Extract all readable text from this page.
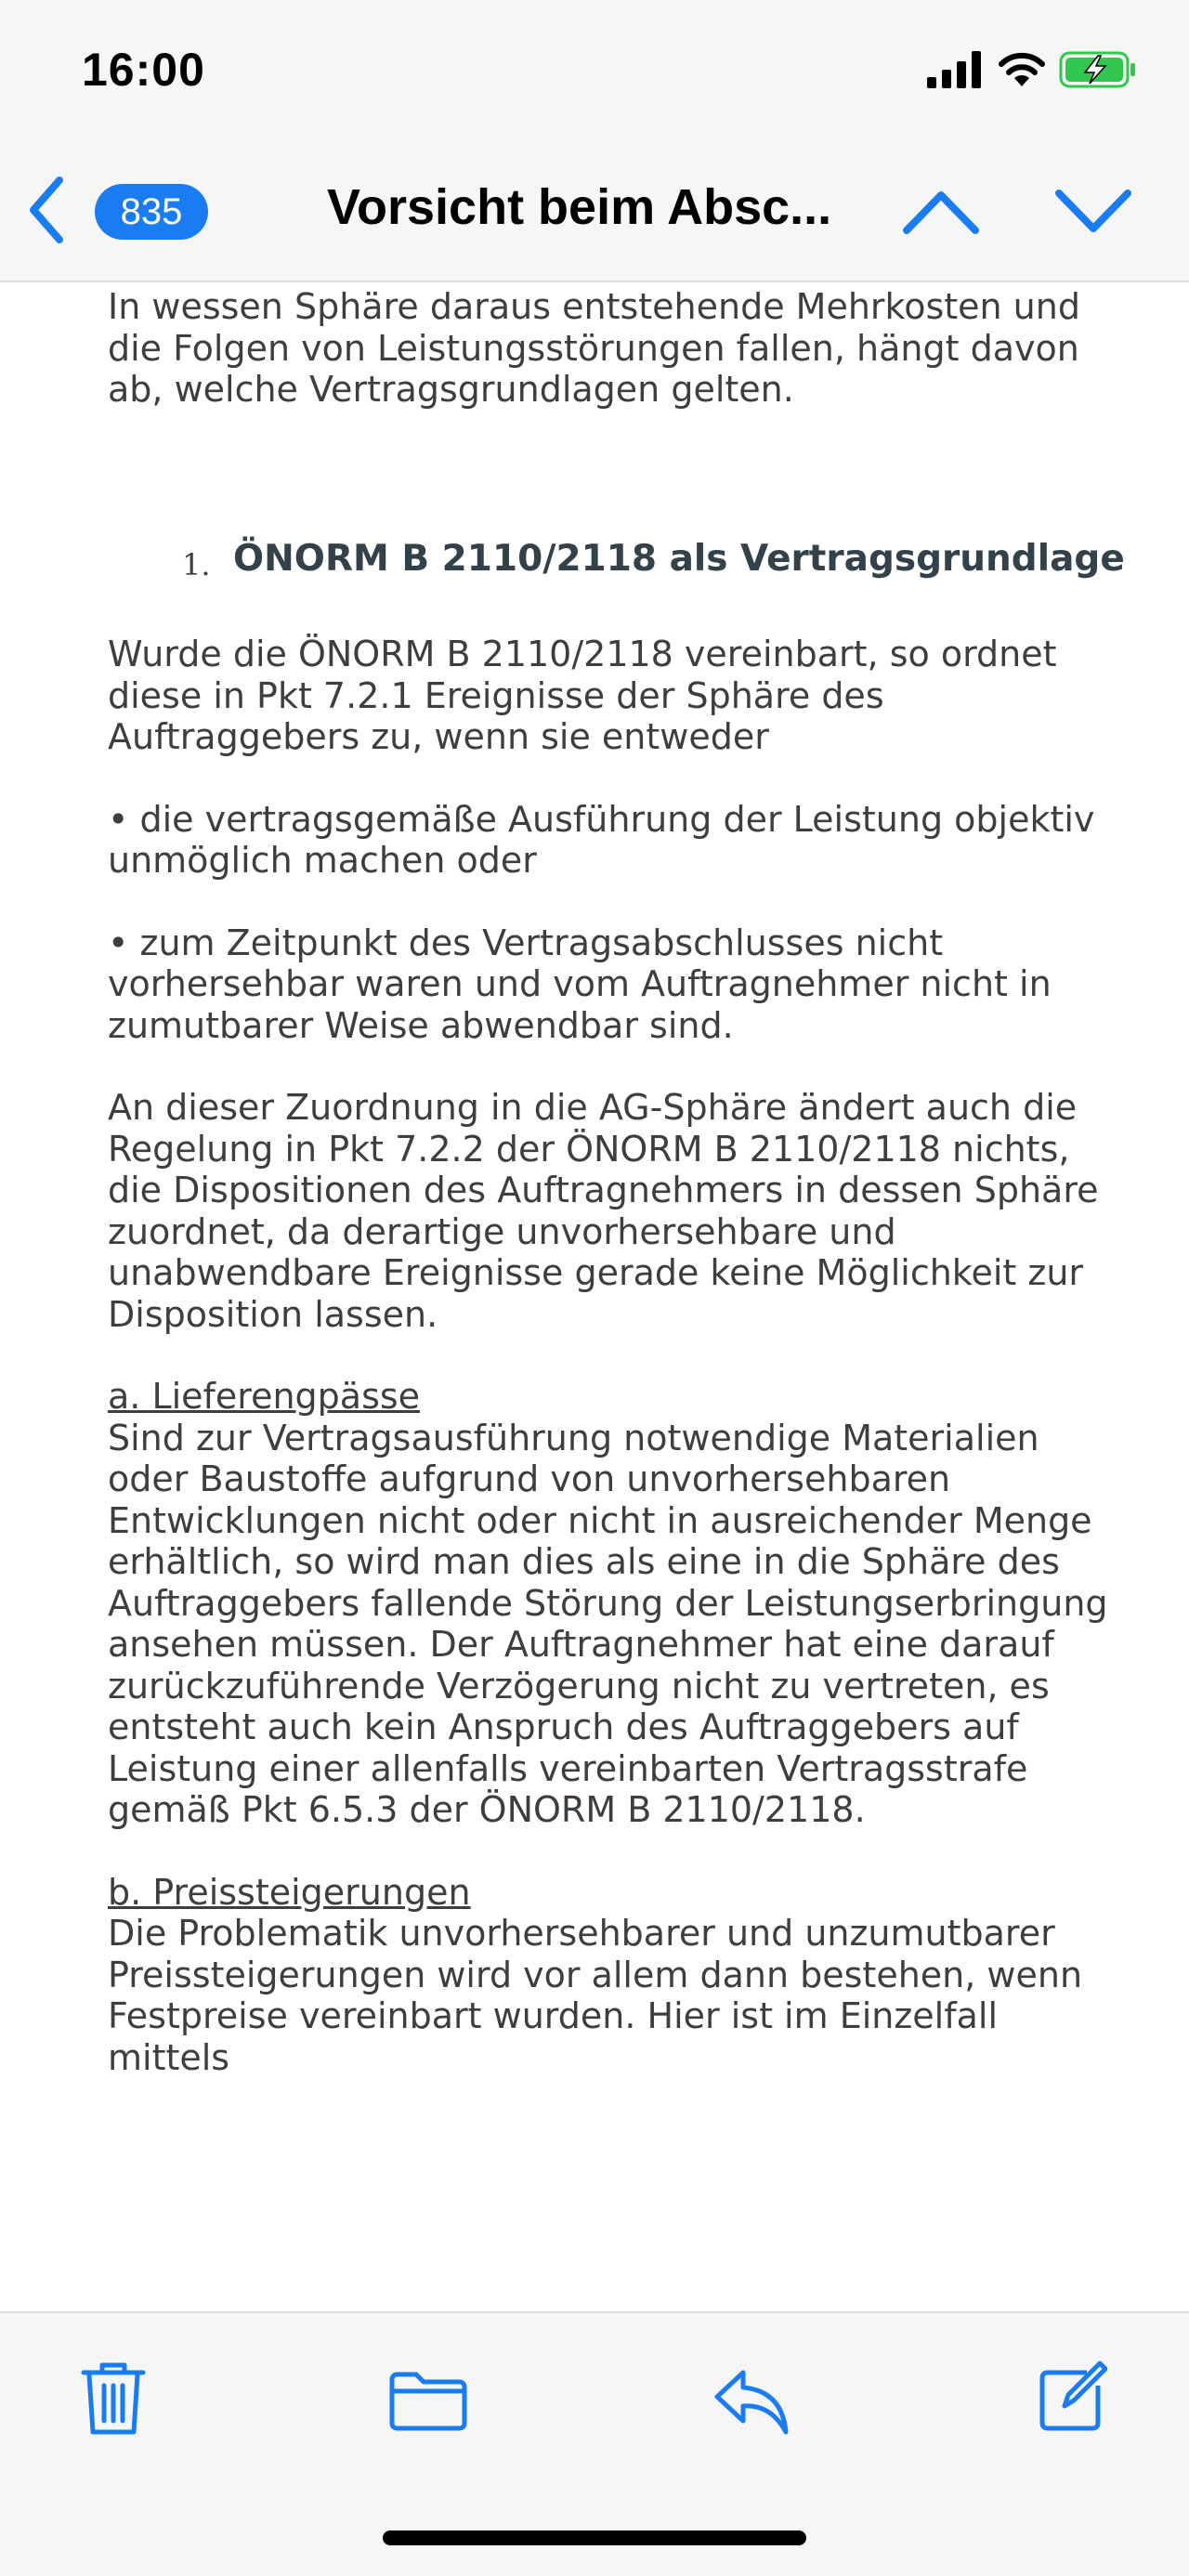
16:00
835	Vorsicht beim Absc...

In wessen Sphäre daraus entstehende Mehrkosten und die Folgen von Leistungsstörungen fallen, hängt davon ab, welche Vertragsgrundlagen gelten.

1. ÖNORM B 2110/2118 als Vertragsgrundlage

Wurde die ÖNORM B 2110/2118 vereinbart, so ordnet diese in Pkt 7.2.1 Ereignisse der Sphäre des Auftraggebers zu, wenn sie entweder

• die vertragsgemäße Ausführung der Leistung objektiv unmöglich machen oder

• zum Zeitpunkt des Vertragsabschlusses nicht vorhersehbar waren und vom Auftragnehmer nicht in zumutbarer Weise abwendbar sind.

An dieser Zuordnung in die AG-Sphäre ändert auch die Regelung in Pkt 7.2.2 der ÖNORM B 2110/2118 nichts, die Dispositionen des Auftragnehmers in dessen Sphäre zuordnet, da derartige unvorhersehbare und unabwendbare Ereignisse gerade keine Möglichkeit zur Disposition lassen.

a. Lieferengpässe

Sind zur Vertragsausführung notwendige Materialien oder Baustoffe aufgrund von unvorhersehbaren Entwicklungen nicht oder nicht in ausreichender Menge erhältlich, so wird man dies als eine in die Sphäre des Auftraggebers fallende Störung der Leistungserbringung ansehen müssen. Der Auftragnehmer hat eine darauf zurückzuführende Verzögerung nicht zu vertreten, es entsteht auch kein Anspruch des Auftraggebers auf Leistung einer allenfalls vereinbarten Vertragsstrafe gemäß Pkt 6.5.3 der ÖNORM B 2110/2118.

b. Preissteigerungen

Die Problematik unvorhersehbarer und unzumutbarer Preissteigerungen wird vor allem dann bestehen, wenn Festpreise vereinbart wurden. Hier ist im Einzelfall mittels
